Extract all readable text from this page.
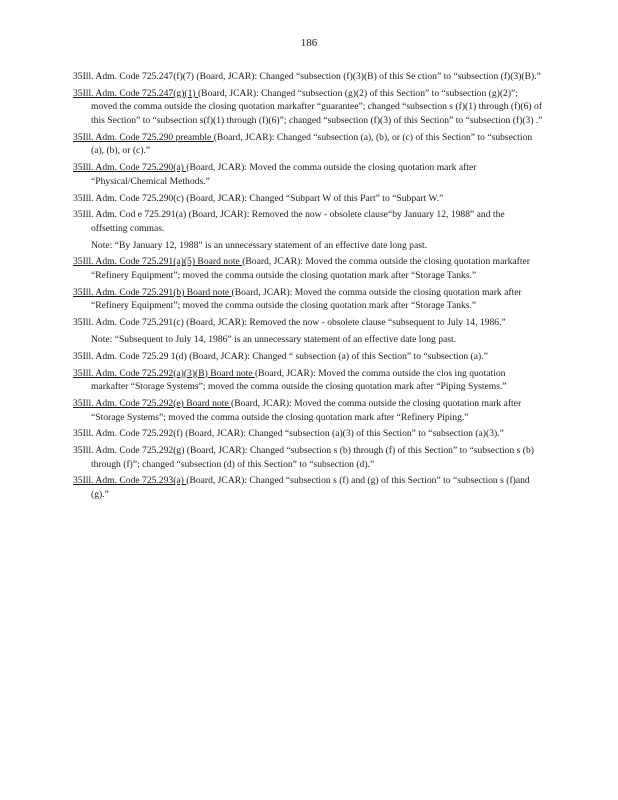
186

35Ill. Adm. Code 725.247(f)(7) (Board, JCAR): Changed “subsection (f)(3)(B) of this Se ction” to “subsection (f)(3)(B).”

35Ill. Adm. Code 725.247(g)(1) (Board, JCAR): Changed “subsection (g)(2) of this Section” to “subsection (g)(2)”; moved the comma outside the closing quotation markafter “guarantee”; changed “subsection s (f)(1) through (f)(6) of this Section” to “subsection s(f)(1) through (f)(6)”; changed “subsection (f)(3) of this Section” to “subsection (f)(3) .”

35Ill. Adm. Code 725.290 preamble (Board, JCAR): Changed “subsection (a), (b), or (c) of this Section” to “subsection (a), (b), or (c).”

35Ill. Adm. Code 725.290(a) (Board, JCAR): Moved the comma outside the closing quotation mark after “Physical/Chemical Methods.”

35Ill. Adm. Code 725.290(c) (Board, JCAR): Changed “Subpart W of this Part” to “Subpart W.”

35Ill. Adm. Cod e 725.291(a) (Board, JCAR): Removed the now - obsolete clause“by January 12, 1988” and the offsetting commas.

Note: “By January 12, 1988” is an unnecessary statement of an effective date long past.

35Ill. Adm. Code 725.291(a)(5) Board note (Board, JCAR): Moved the comma outside the closing quotation markafter “Refinery Equipment”; moved the comma outside the closing quotation mark after “Storage Tanks.”

35Ill. Adm. Code 725.291(b) Board note (Board, JCAR): Moved the comma outside the closing quotation mark after “Refinery Equipment”; moved the comma outside the closing quotation mark after “Storage Tanks.”

35Ill. Adm. Code 725.291(c) (Board, JCAR): Removed the now - obsolete clause “subsequent to July 14, 1986.”

Note: “Subsequent to July 14, 1986” is an unnecessary statement of an effective date long past.

35Ill. Adm. Code 725.29 1(d) (Board, JCAR): Changed “ subsection (a) of this Section” to “subsection (a).”

35Ill. Adm. Code 725.292(a)(3)(B) Board note (Board, JCAR): Moved the comma outside the clos ing quotation markafter “Storage Systems”; moved the comma outside the closing quotation mark after “Piping Systems.”

35Ill. Adm. Code 725.292(e) Board note (Board, JCAR): Moved the comma outside the closing quotation mark after “Storage Systems”; moved the comma outside the closing quotation mark after “Refinery Piping.”

35Ill. Adm. Code 725.292(f) (Board, JCAR): Changed “subsection (a)(3) of this Section” to “subsection (a)(3).”

35Ill. Adm. Code 725.292(g) (Board, JCAR): Changed “subsection s (b) through (f) of this Section” to “subsection s (b) through (f)”; changed “subsection (d) of this Section” to “subsection (d).”

35Ill. Adm. Code 725.293(a) (Board, JCAR): Changed “subsection s (f) and (g) of this Section” to “subsection s (f)and (g).”
